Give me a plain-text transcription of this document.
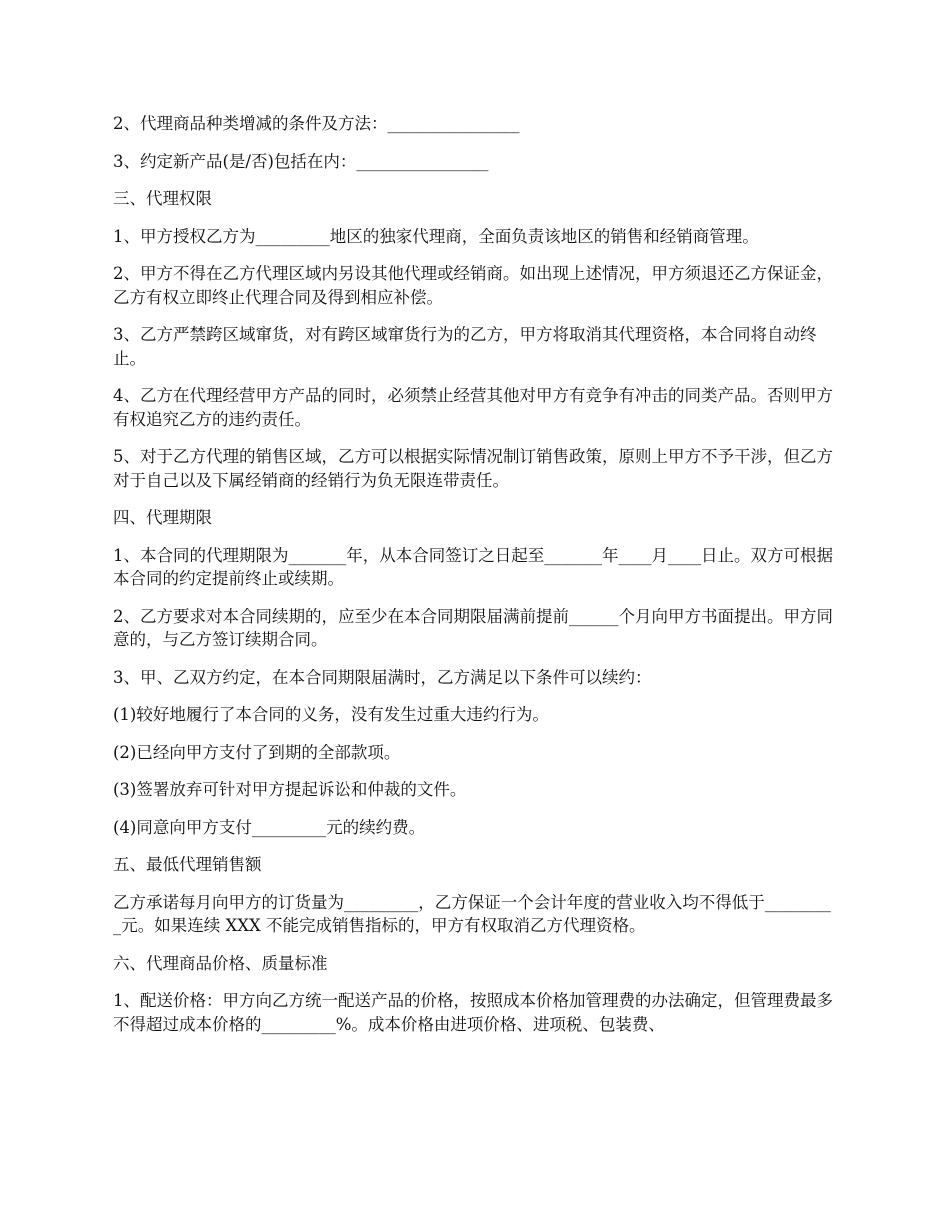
2、代理商品种类增减的条件及方法：________________

3、约定新产品(是/否)包括在内：________________

三、代理权限

1、甲方授权乙方为_________地区的独家代理商，全面负责该地区的销售和经销商管理。

2、甲方不得在乙方代理区域内另设其他代理或经销商。如出现上述情况，甲方须退还乙方保证金，乙方有权立即终止代理合同及得到相应补偿。

3、乙方严禁跨区域窜货，对有跨区域窜货行为的乙方，甲方将取消其代理资格，本合同将自动终止。

4、乙方在代理经营甲方产品的同时，必须禁止经营其他对甲方有竞争有冲击的同类产品。否则甲方有权追究乙方的违约责任。

5、对于乙方代理的销售区域，乙方可以根据实际情况制订销售政策，原则上甲方不予干涉，但乙方对于自己以及下属经销商的经销行为负无限连带责任。

四、代理期限

1、本合同的代理期限为_______年，从本合同签订之日起至_______年____月____日止。双方可根据本合同的约定提前终止或续期。

2、乙方要求对本合同续期的，应至少在本合同期限届满前提前______个月向甲方书面提出。甲方同意的，与乙方签订续期合同。

3、甲、乙双方约定，在本合同期限届满时，乙方满足以下条件可以续约：

(1)较好地履行了本合同的义务，没有发生过重大违约行为。

(2)已经向甲方支付了到期的全部款项。

(3)签署放弃可针对甲方提起诉讼和仲裁的文件。

(4)同意向甲方支付_________元的续约费。

五、最低代理销售额

乙方承诺每月向甲方的订货量为_________，乙方保证一个会计年度的营业收入均不得低于_________元。如果连续 XXX 不能完成销售指标的，甲方有权取消乙方代理资格。

六、代理商品价格、质量标准

1、配送价格：甲方向乙方统一配送产品的价格，按照成本价格加管理费的办法确定，但管理费最多不得超过成本价格的_________%。成本价格由进项价格、进项税、包装费、
